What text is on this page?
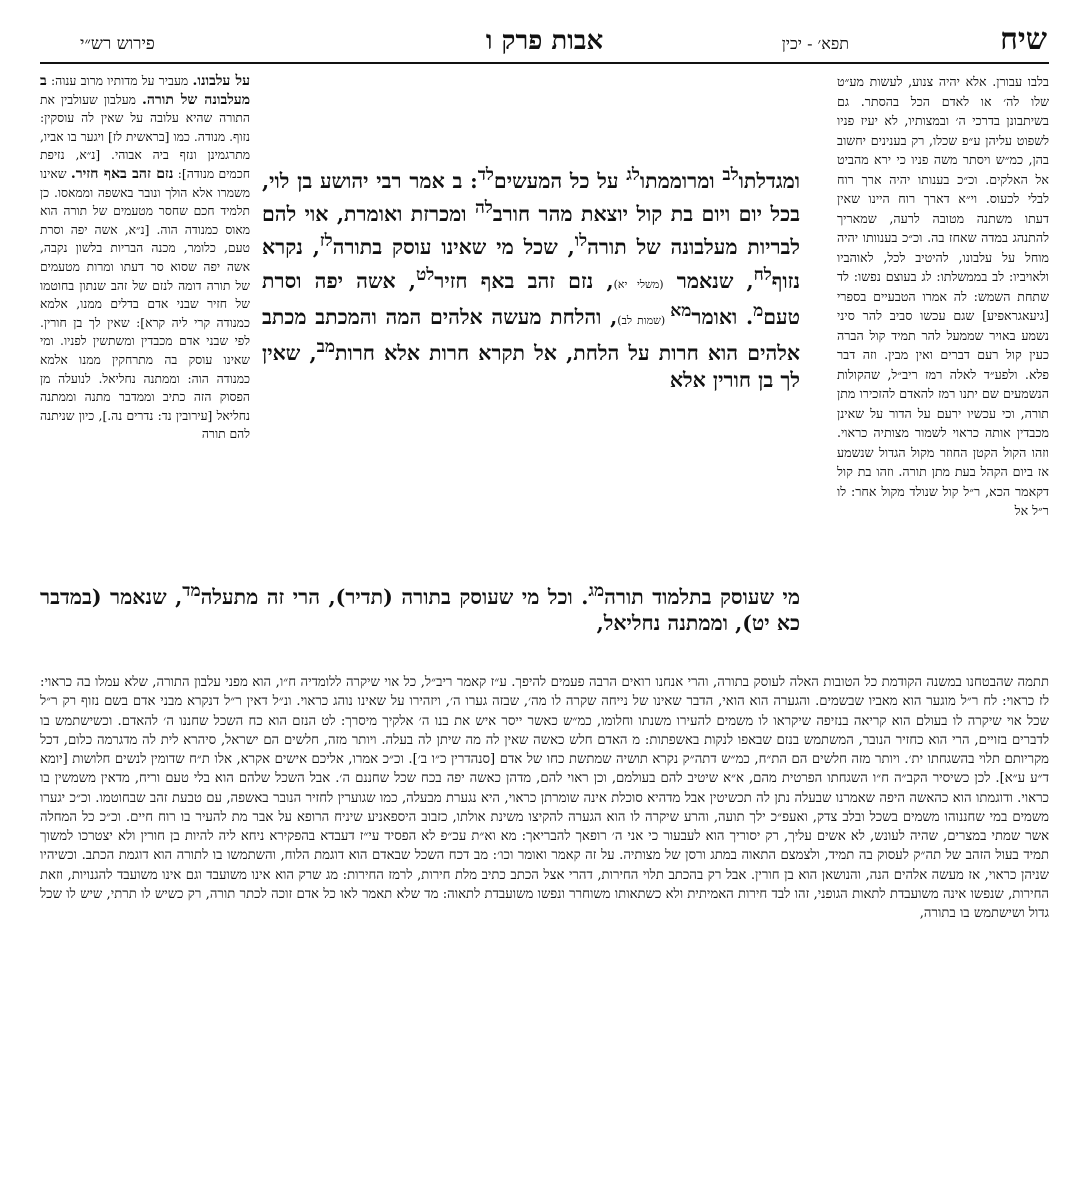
שיח
תפא׳ - יכין
אבות פרק ו
פירוש רש״י

בלבו עבורן. אלא יהיה צנוע, לעשות מע״ט שלו לה׳ או לאדם הכל בהסתר. גם בשיתבונן בדרכי ה׳ ובמצותיו, לא יעיז פניו לשפוט עליהן ע״פ שכלו, רק בענינים יחשוב בהן, כמ״ש ויסתר משה פניו כי ירא מהביט אל האלקים. וכ״כ בענותו יהיה ארך רוח לבלי לכעוס. וי״א דארך רוח היינו שאין דעתו משתנה מטובה לרעה, שמאריך להתנהג במדה שאחז בה. וכ״כ בענוותו יהיה מוחל על עלבונו, להיטיב לכל, לאוהביו ולאויביו: לב בממשלתו: לג בעוצם נפשו: לד שתחת השמש: לה אמרו הטבעיים בספרי [גיעאגראפיע] שגם עכשו סביב להר סיני נשמע באויר שממעל להר תמיד קול הברה כעין קול רעם דברים ואין מבין. וזה דבר פלא. ולפע״ד לאלה רמז ריב״ל, שהקולות הנשמעים שם יתנו רמז להאדם להזכירו מתן תורה, וכי עכשיו ירעם על הדור על שאינן מכבדין אותה כראוי לשמור מצותיה כראוי. וזהו הקול הקטן החוזר מקול הגדול שנשמע אז ביום הקהל בעת מתן תורה. וזהו בת קול דקאמר הכא, ר״ל קול שנולד מקול אחר: לו ר״ל אל

על עלבונו. מעביר על מדותיו מרוב ענוה: ב מעלבונה של תורה. מעלבון שעולבין את התורה שהיא עלובה על שאין לה עוסקין: נזוף. מנודה. כמו [בראשית לז] ויגער בו אביו, מתרגמינן ונזף ביה אבוהי. [נ״א, נזיפת חכמים מנודה]: נזם זהב באף חזיר. שאינו משמרו אלא הולך ונובר באשפה וממאסו. כן תלמיד חכם שחסר מטעמים של תורה הוא מאוס כמנודה הוה. [נ״א, אשה יפה וסרת טעם, כלומר, מכנה הבריות בלשון נקבה, אשה יפה שסוא סר דעתו ומרות מטעמים של תורה דומה לנזם של זהב שנתון בחוטמו של חזיר שבני אדם בדלים ממנו, אלמא כמנודה קרי ליה קרא]: שאין לך בן חורין. לפי שבני אדם מכבדין ומשתשין לפניו. ומי שאינו עוסק בה מתרחקין ממנו אלמא כמנודה הוה: וממתנה נחליאל. לנועלה מן הפסוק הזה כתיב וממדבר מתנה וממתנה נחליאל [עירובין נד: נדרים נה.], כיון שניתנה להם תורה

ומגדלתו$^{לב}$ ומרוממתו$^{לג}$ על כל המעשים$^{לד}$: ב אמר רבי יהושע בן לוי, בכל יום ויום בת קול יוצאת מהר חורב$^{לה}$ ומכרזת ואומרת, אוי להם לבריות מעלבונה של תורה$^{לו}$, שכל מי שאינו עוסק בתורה$^{לז}$, נקרא נזוף$^{לח}$, שנאמר (משלי יא), נזם זהב באף חזיר$^{לט}$, אשה יפה וסרת טעם$^מ$. ואומר$^{מא}$ (שמות לב), והלחת מעשה אלהים המה והמכתב מכתב אלהים הוא חרות על הלחת, אל תקרא חרות אלא חרות$^{מב}$, שאין לך בן חורין אלא
מי שעוסק בתלמוד תורה$^{מג}$. וכל מי שעוסק בתורה (תדיר), הרי זה מתעלה$^{מד}$, שנאמר (במדבר כא יט), וממתנה נחליאל,

תתמה שהבטחנו במשנה הקודמת כל הטובות האלה לעוסק בתורה, והרי אנחנו רואים הרבה פעמים להיפך. ע״ז קאמר ריב״ל, כל אוי שיקרה ללומדיה ח״ו, הוא מפני עלבון התורה, שלא עמלו בה כראוי: לז כראוי: לח ר״ל מוגער הוא מאביו שבשמים. והגערה הוא הואי, הדבר שאינו של נייחה שקרה לו מה׳, שבזה גערו ה׳, ויזהירו על שאינו נוהג כראוי. ונ״ל דאין ר״ל דנקרא מבני אדם בשם נזוף רק ר״ל שכל אוי שיקרה לו בעולם הוא קריאה בנזיפה שיקראו לו משמים להעירו משנתו וחלומו, כמ״ש כאשר ייסר איש את בנו ה׳ אלקיך מיסרך: לט הנזם הוא כח השכל שחננו ה׳ להאדם. וכשישתמש בו לדברים בזויים, הרי הוא כחזיר הנובר, המשתמש בנזם שבאפו לנקות באשפתות: מ האדם חלש כאשה שאין לה מה שיתן לה בעלה. ויותר מזה, חלשים הם ישראל, סיהרא לית לה מדגרמה כלום, דכל מקריותם תלוי בהשגחתו ית׳. ויותר מזה חלשים הם הת״ח, כמ״ש דתה״ק נקרא תושיה שמתשת כחו של אדם [סנהדרין כ״ו ב׳]. וכ״כ אמרו, אליכם אישים אקרא, אלו ת״ח שדומין לנשים חלושות [יומא ד״ע ע״א]. לכן כשיסיר הקב״ה ח״ו השגחתו הפרטית מהם, א״א שיטיב להם בעולמם, וכן ראוי להם, מדהן כאשה יפה בכח שכל שחננם ה׳. אבל השכל שלהם הוא בלי טעם וריח, מדאין משמשין בו כראוי. ודוגמתו הוא כהאשה היפה שאמרנו שבעלה נתן לה תכשיטין אבל מדהיא סוכלת אינה שומרתן כראוי, היא נגערת מבעלה, כמו שגוערין לחזיר הנובר באשפה, עם טבעת זהב שבחוטמו. וכ״כ יגערו משמים במי שחננוהו משמים בשכל ובלב צדק, ואעפ״כ ילך תועה, והרע שיקרה לו הוא הגערה להקיצו משינת אולתו, כזבוב היספאניע שיניח הרופא על אבר מת להעיר בו רוח חיים. וכ״כ כל המחלה אשר שמתי במצרים, שהיה לעונש, לא אשים עליך, רק יסוריך הוא לעבעור כי אני ה׳ רופאך להבריאך: מא וא״ת עכ״פ לא הפסיד עי״ז דעבדא בהפקירא ניחא ליה להיות בן חורין ולא יצטרכו למשוך תמיד בעול הזהב של תה״ק לעסוק בה תמיד, ולצמצם התאוה במתג ורסן של מצותיה. על זה קאמר ואומר וכו׳: מב דכח השכל שבאדם הוא דוגמת הלוח, והשתמשו בו לתורה הוא דוגמת הכתב. וכשיהיו שניהן כראוי, אז מעשה אלהים הנה, והנושאן הוא בן חורין. אבל רק בהכתב תלוי החירות, דהרי אצל הכתב כתיב מלת חירות, לרמז החירות: מג שרק הוא אינו משועבד וגם אינו משועבד להגנויות, וזאת החירות, שנפשו אינה משועבדת לתאות הגופני, זהו לבד חירות האמיתית ולא כשתאותו משוחרר ונפשו משועבדת לתאוה: מד שלא תאמר לאו כל אדם זוכה לכתר תורה, רק כשיש לו תרתי, שיש לו שכל גדול ושישתמש בו בתורה,
